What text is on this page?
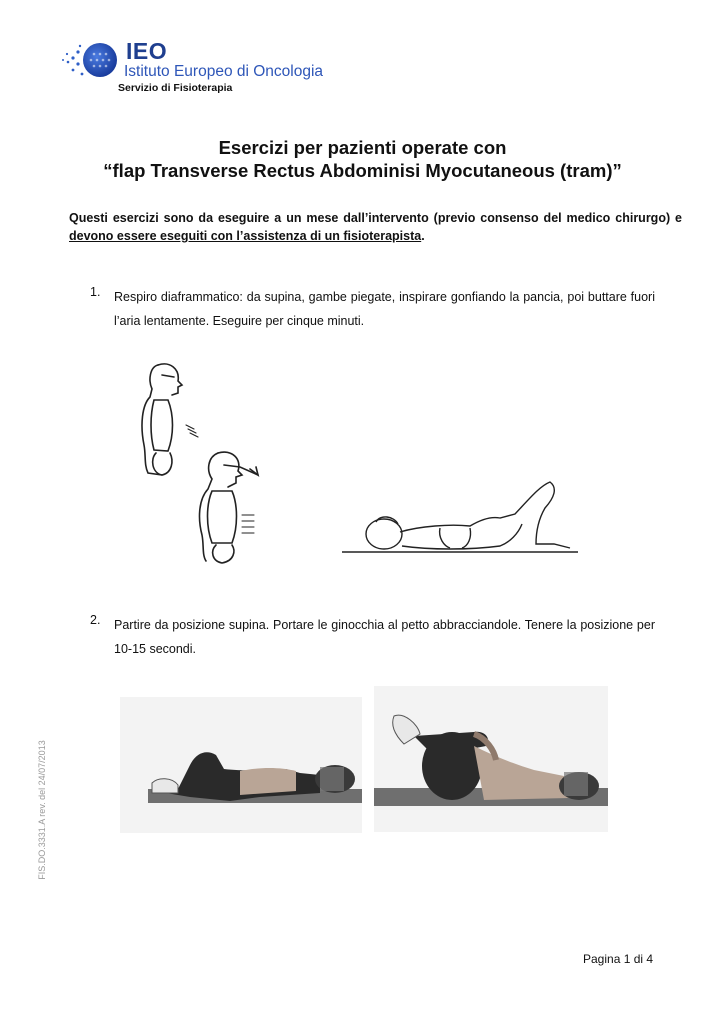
IEO
Istituto Europeo di Oncologia
Servizio di Fisioterapia
Esercizi per pazienti operate con
“flap Transverse Rectus Abdominisi Myocutaneous (tram)”
Questi esercizi sono da eseguire a un mese dall’intervento (previo consenso del medico chirurgo) e devono essere eseguiti con l’assistenza di un fisioterapista.
1. Respiro diaframmatico: da supina, gambe piegate, inspirare gonfiando la pancia, poi buttare fuori l’aria lentamente. Eseguire per cinque minuti.
2. Partire da posizione supina. Portare le ginocchia al petto abbracciandole. Tenere la posizione per 10-15 secondi.
FIS.DO.3331.A rev. del 24/07/2013
Pagina 1 di 4
